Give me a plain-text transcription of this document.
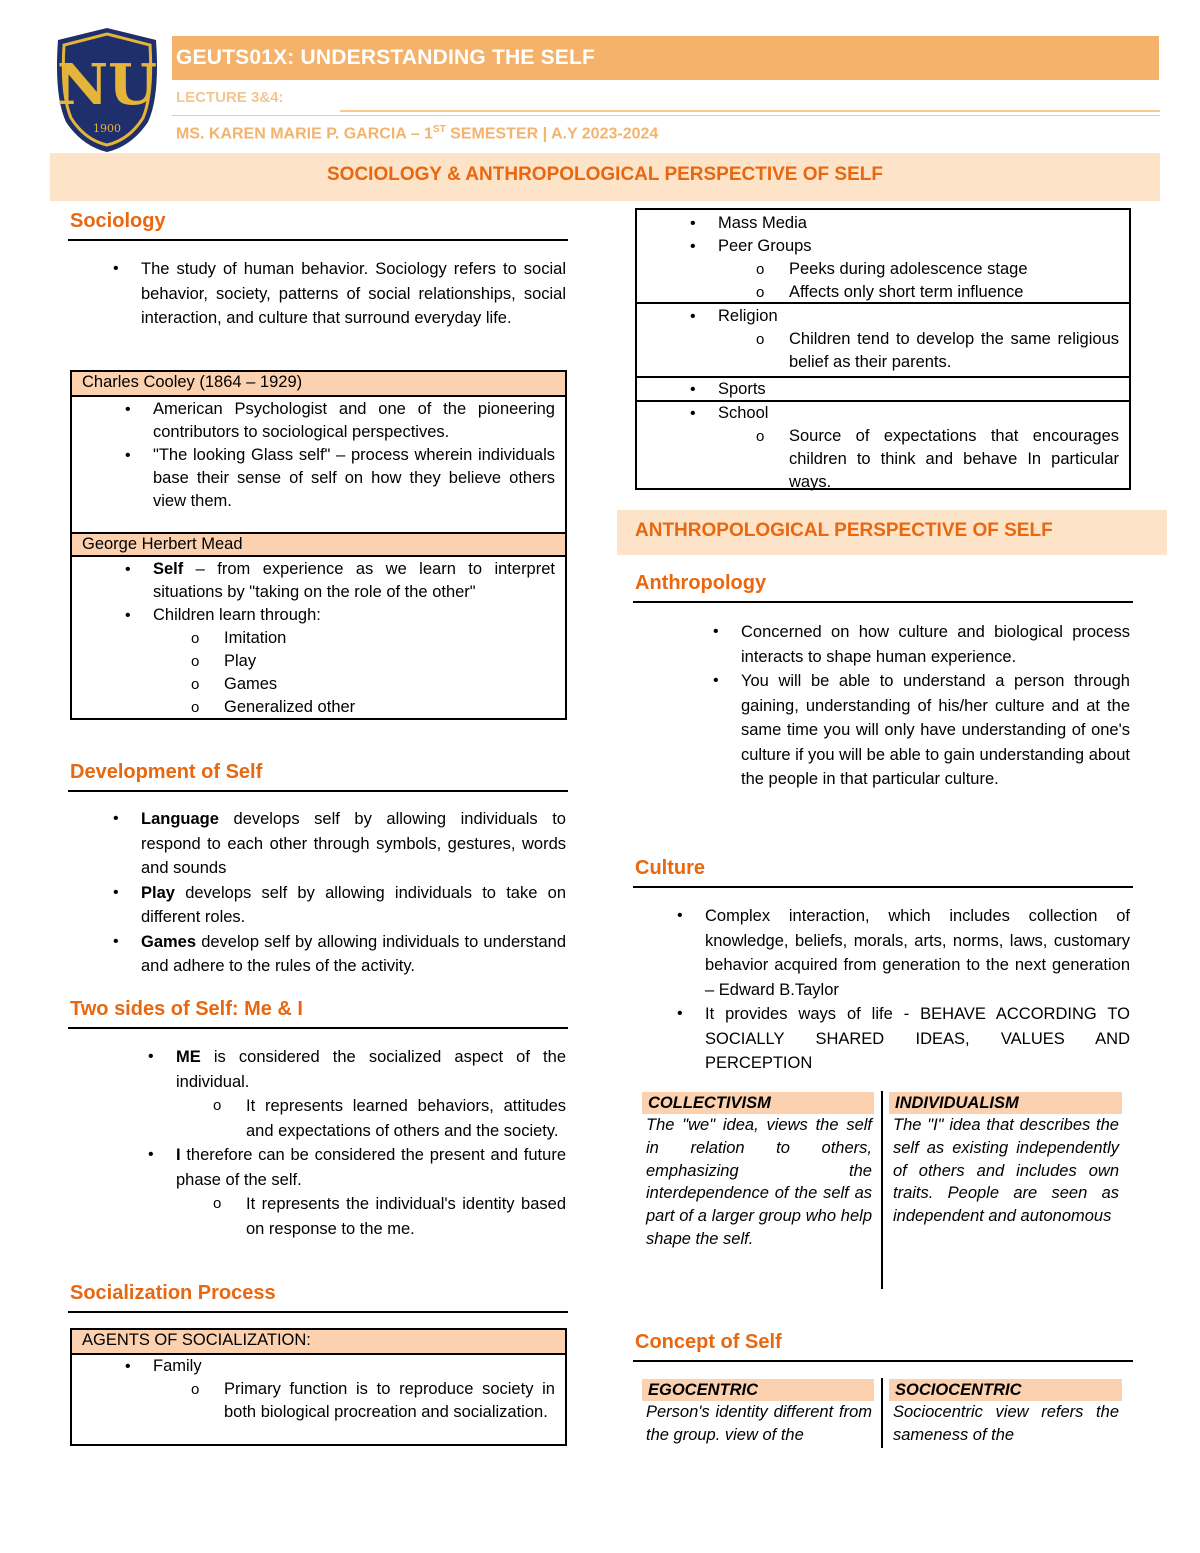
NU
1900
GEUTS01X: UNDERSTANDING THE SELF
LECTURE 3&4:
MS. KAREN MARIE P. GARCIA – 1ST SEMESTER | A.Y 2023-2024
SOCIOLOGY & ANTHROPOLOGICAL PERSPECTIVE OF SELF
Sociology
• The study of human behavior. Sociology refers to social behavior, society, patterns of social relationships, social interaction, and culture that surround everyday life.
Charles Cooley (1864 – 1929)
• American Psychologist and one of the pioneering contributors to sociological perspectives.
• "The looking Glass self" – process wherein individuals base their sense of self on how they believe others view them.
George Herbert Mead
• Self – from experience as we learn to interpret situations by "taking on the role of the other"
• Children learn through:
o Imitation
o Play
o Games
o Generalized other
Development of Self
• Language develops self by allowing individuals to respond to each other through symbols, gestures, words and sounds
• Play develops self by allowing individuals to take on different roles.
• Games develop self by allowing individuals to understand and adhere to the rules of the activity.
Two sides of Self: Me & I
• ME is considered the socialized aspect of the individual.
o It represents learned behaviors, attitudes and expectations of others and the society.
• I therefore can be considered the present and future phase of the self.
o It represents the individual's identity based on response to the me.
Socialization Process
AGENTS OF SOCIALIZATION:
• Family
o Primary function is to reproduce society in both biological procreation and socialization.
• Mass Media
• Peer Groups
o Peeks during adolescence stage
o Affects only short term influence
• Religion
o Children tend to develop the same religious belief as their parents.
• Sports
• School
o Source of expectations that encourages children to think and behave In particular ways.
ANTHROPOLOGICAL PERSPECTIVE OF SELF
Anthropology
• Concerned on how culture and biological process interacts to shape human experience.
• You will be able to understand a person through gaining, understanding of his/her culture and at the same time you will only have understanding of one's culture if you will be able to gain understanding about the people in that particular culture.
Culture
• Complex interaction, which includes collection of knowledge, beliefs, morals, arts, norms, laws, customary behavior acquired from generation to the next generation – Edward B.Taylor
• It provides ways of life - BEHAVE ACCORDING TO SOCIALLY SHARED IDEAS, VALUES AND PERCEPTION
COLLECTIVISM
The "we" idea, views the self in relation to others, emphasizing the interdependence of the self as part of a larger group who help shape the self.
INDIVIDUALISM
The "I" idea that describes the self as existing independently of others and includes own traits. People are seen as independent and autonomous
Concept of Self
EGOCENTRIC
Person's identity different from the group. view of the
SOCIOCENTRIC
Sociocentric view refers the sameness of the
